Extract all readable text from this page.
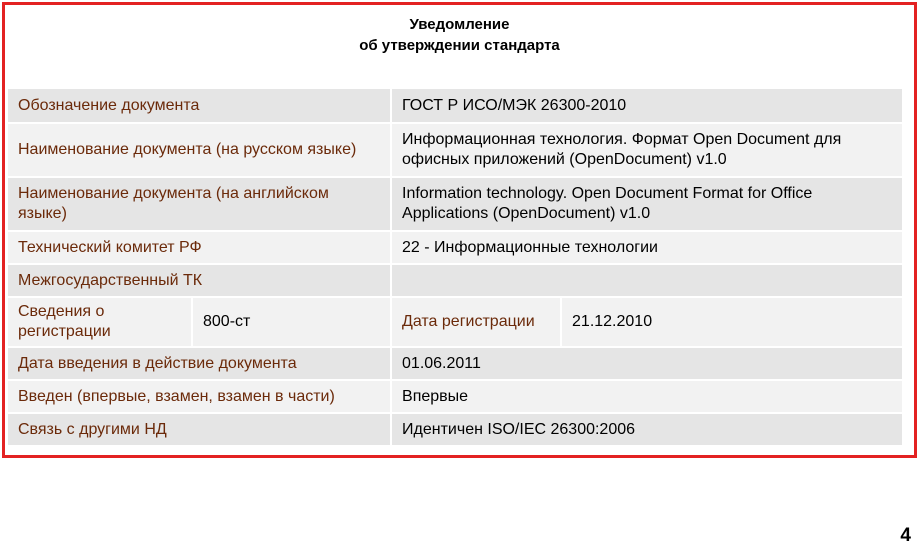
Уведомление
об утверждении стандарта
Обозначение документа		ГОСТ Р ИСО/МЭК 26300-2010	
Наименование документа (на русском языке)		Информационная технология. Формат Open Document для офисных приложений (OpenDocument) v1.0	
Наименование документа (на английском языке)		Information technology. Open Document Format for Office Applications (OpenDocument) v1.0	
Технический комитет РФ		22 - Информационные технологии	
Межгосударственный ТК			
Сведения о регистрации	800-ст	Дата регистрации	21.12.2010
Дата введения в действие документа		01.06.2011	
Введен (впервые, взамен, взамен в части)		Впервые	
Связь с другими НД		Идентичен ISO/IEC 26300:2006	
4
